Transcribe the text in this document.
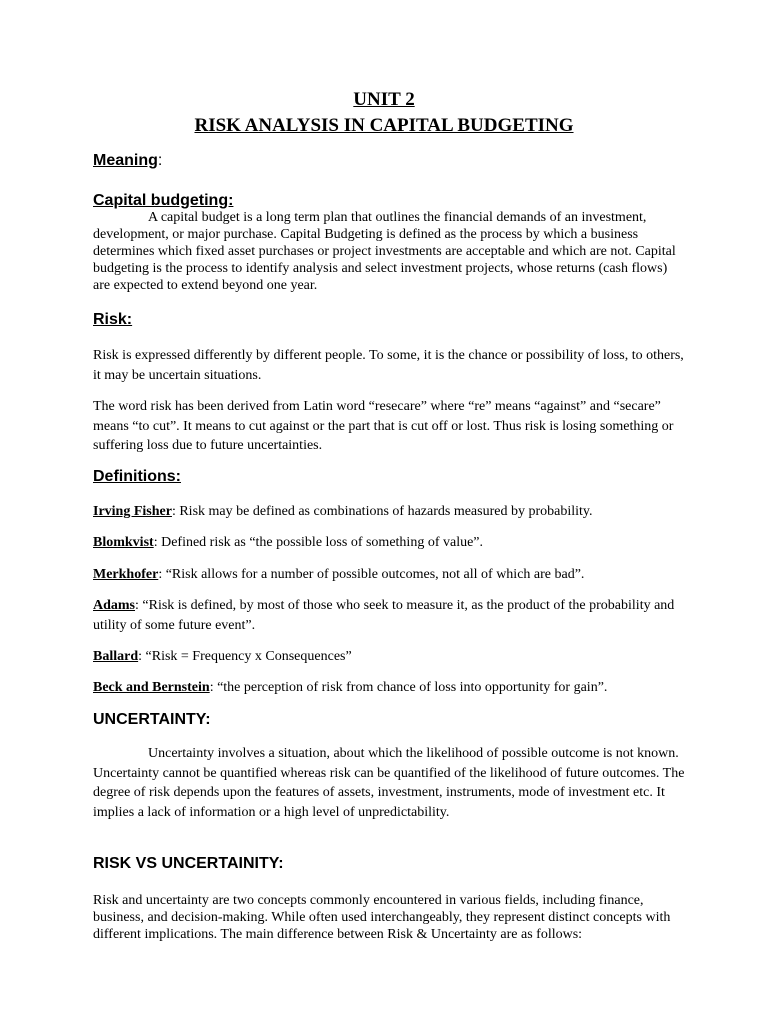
UNIT 2
RISK ANALYSIS IN CAPITAL BUDGETING
Meaning:
Capital budgeting:

A capital budget is a long term plan that outlines the financial demands of an investment, development, or major purchase. Capital Budgeting is defined as the process by which a business determines which fixed asset purchases or project investments are acceptable and which are not. Capital budgeting is the process to identify analysis and select investment projects, whose returns (cash flows) are expected to extend beyond one year.

Risk:

Risk is expressed differently by different people. To some, it is the chance or possibility of loss, to others, it may be uncertain situations.

The word risk has been derived from Latin word “resecare” where “re” means “against” and “secare” means “to cut”. It means to cut against or the part that is cut off or lost. Thus risk is losing something or suffering loss due to future uncertainties.

Definitions:

Irving Fisher: Risk may be defined as combinations of hazards measured by probability.

Blomkvist: Defined risk as “the possible loss of something of value”.

Merkhofer: “Risk allows for a number of possible outcomes, not all of which are bad”.

Adams: “Risk is defined, by most of those who seek to measure it, as the product of the probability and utility of some future event”.

Ballard: “Risk = Frequency x Consequences”

Beck and Bernstein: “the perception of risk from chance of loss into opportunity for gain”.

UNCERTAINTY:

Uncertainty involves a situation, about which the likelihood of possible outcome is not known. Uncertainty cannot be quantified whereas risk can be quantified of the likelihood of future outcomes. The degree of risk depends upon the features of assets, investment, instruments, mode of investment etc. It implies a lack of information or a high level of unpredictability.

RISK VS UNCERTAINITY:

Risk and uncertainty are two concepts commonly encountered in various fields, including finance, business, and decision-making. While often used interchangeably, they represent distinct concepts with different implications. The main difference between Risk & Uncertainty are as follows:
